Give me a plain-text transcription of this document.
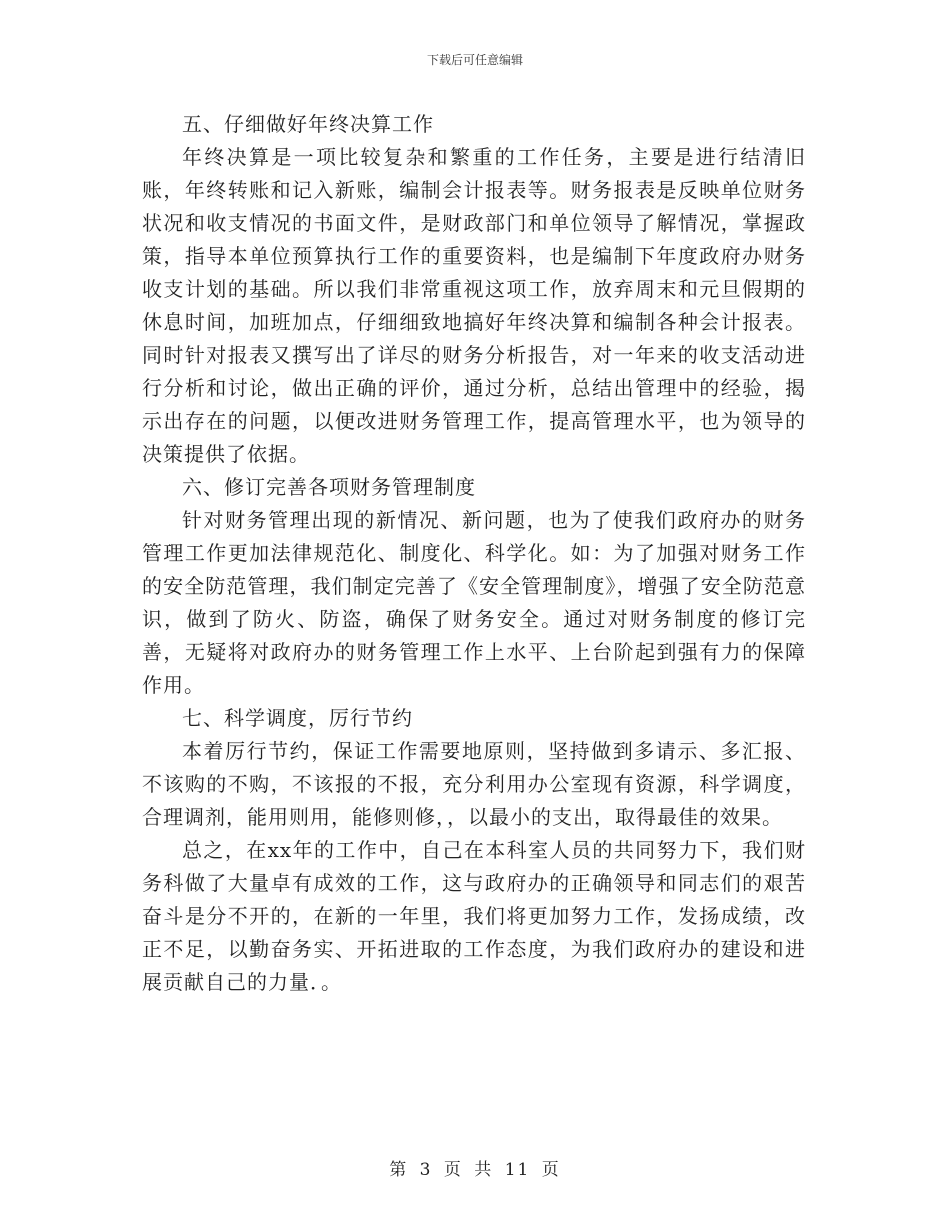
下载后可任意编辑

五、仔细做好年终决算工作

年终决算是一项比较复杂和繁重的工作任务，主要是进行结清旧账，年终转账和记入新账，编制会计报表等。财务报表是反映单位财务状况和收支情况的书面文件，是财政部门和单位领导了解情况，掌握政策，指导本单位预算执行工作的重要资料，也是编制下年度政府办财务收支计划的基础。所以我们非常重视这项工作，放弃周末和元旦假期的休息时间，加班加点，仔细细致地搞好年终决算和编制各种会计报表。同时针对报表又撰写出了详尽的财务分析报告，对一年来的收支活动进行分析和讨论，做出正确的评价，通过分析，总结出管理中的经验，揭示出存在的问题，以便改进财务管理工作，提高管理水平，也为领导的决策提供了依据。

六、修订完善各项财务管理制度

针对财务管理出现的新情况、新问题，也为了使我们政府办的财务管理工作更加法律规范化、制度化、科学化。如：为了加强对财务工作的安全防范管理，我们制定完善了《安全管理制度》，增强了安全防范意识，做到了防火、防盗，确保了财务安全。通过对财务制度的修订完善，无疑将对政府办的财务管理工作上水平、上台阶起到强有力的保障作用。

七、科学调度，厉行节约

本着厉行节约，保证工作需要地原则，坚持做到多请示、多汇报、不该购的不购，不该报的不报，充分利用办公室现有资源，科学调度，合理调剂，能用则用，能修则修，，以最小的支出，取得最佳的效果。

总之，在xx年的工作中，自己在本科室人员的共同努力下，我们财务科做了大量卓有成效的工作，这与政府办的正确领导和同志们的艰苦奋斗是分不开的，在新的一年里，我们将更加努力工作，发扬成绩，改正不足，以勤奋务实、开拓进取的工作态度，为我们政府办的建设和进展贡献自己的力量．。

第 3 页 共 11 页
